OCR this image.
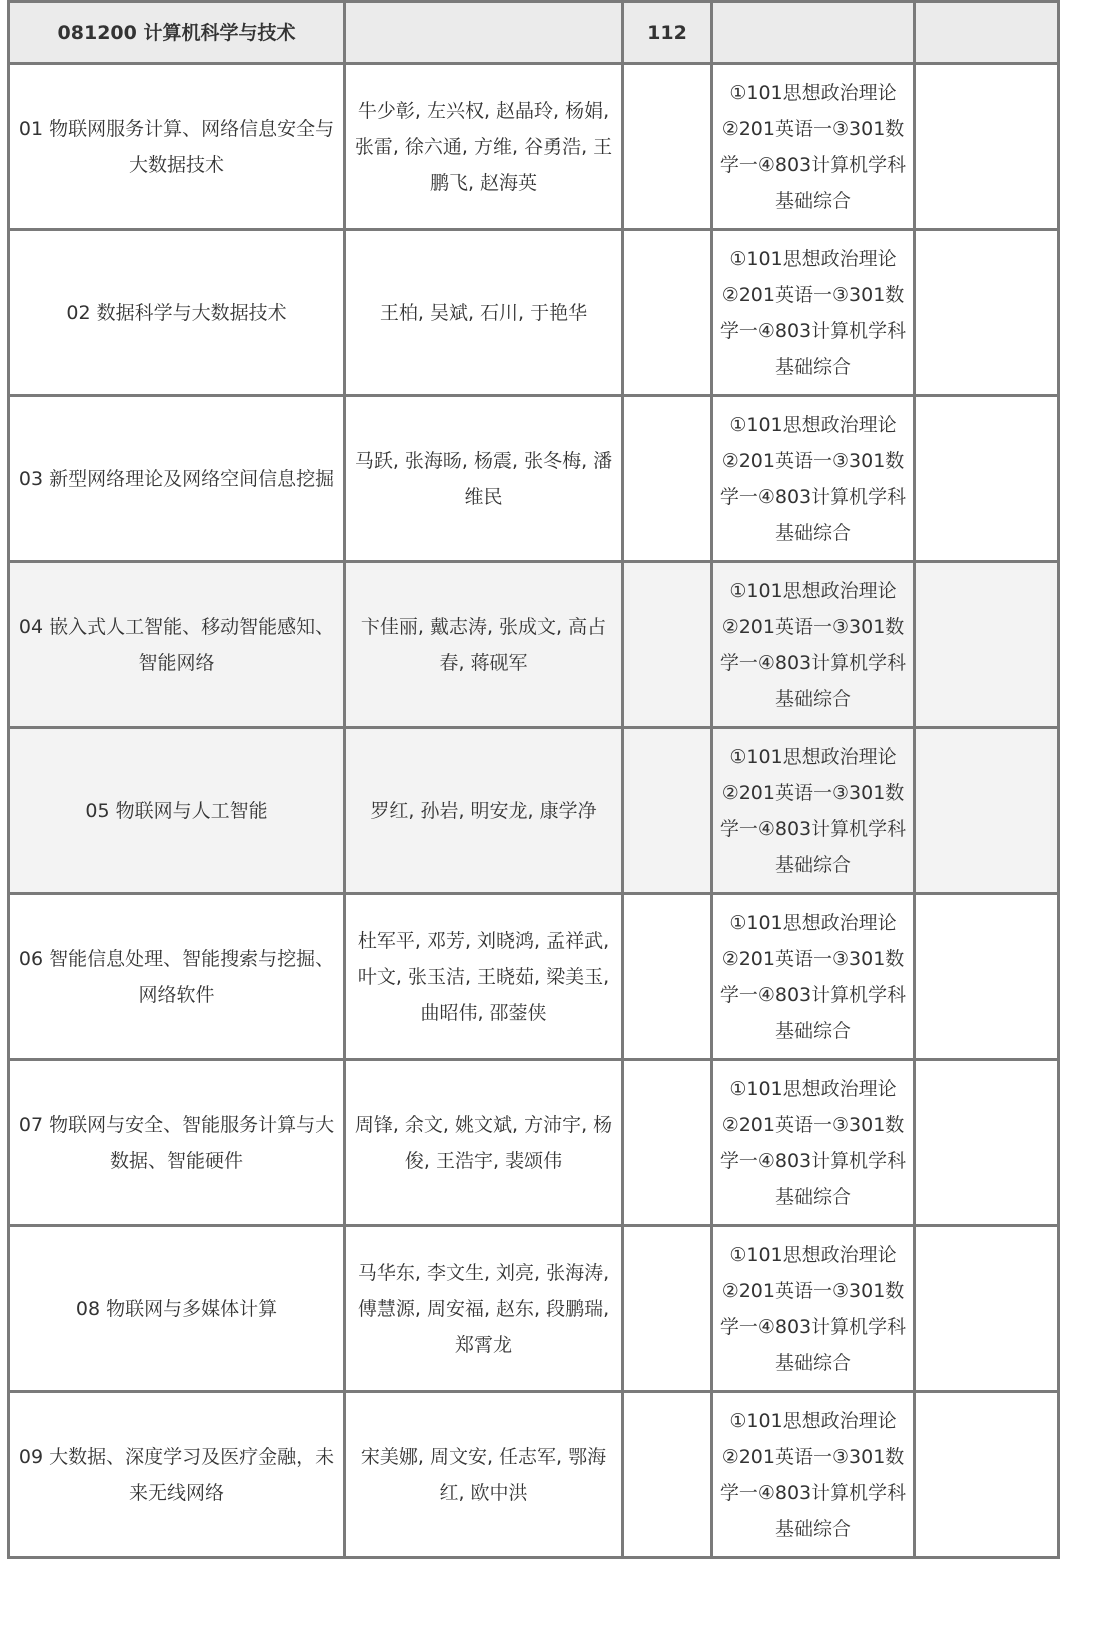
081200 计算机科学与技术		112		
01 物联网服务计算、网络信息安全与大数据技术	牛少彰, 左兴权, 赵晶玲, 杨娟, 张雷, 徐六通, 方维, 谷勇浩, 王鹏飞, 赵海英		①101思想政治理论②201英语一③301数学一④803计算机学科基础综合	
02 数据科学与大数据技术	王柏, 吴斌, 石川, 于艳华		①101思想政治理论②201英语一③301数学一④803计算机学科基础综合	
03 新型网络理论及网络空间信息挖掘	马跃, 张海旸, 杨震, 张冬梅, 潘维民		①101思想政治理论②201英语一③301数学一④803计算机学科基础综合	
04 嵌入式人工智能、移动智能感知、智能网络	卞佳丽, 戴志涛, 张成文, 高占春, 蒋砚军		①101思想政治理论②201英语一③301数学一④803计算机学科基础综合	
05 物联网与人工智能	罗红, 孙岩, 明安龙, 康学净		①101思想政治理论②201英语一③301数学一④803计算机学科基础综合	
06 智能信息处理、智能搜索与挖掘、网络软件	杜军平, 邓芳, 刘晓鸿, 孟祥武, 叶文, 张玉洁, 王晓茹, 梁美玉, 曲昭伟, 邵蓥侠		①101思想政治理论②201英语一③301数学一④803计算机学科基础综合	
07 物联网与安全、智能服务计算与大数据、智能硬件	周锋, 余文, 姚文斌, 方沛宇, 杨俊, 王浩宇, 裴颂伟		①101思想政治理论②201英语一③301数学一④803计算机学科基础综合	
08 物联网与多媒体计算	马华东, 李文生, 刘亮, 张海涛, 傅慧源, 周安福, 赵东, 段鹏瑞, 郑霄龙		①101思想政治理论②201英语一③301数学一④803计算机学科基础综合	
09 大数据、深度学习及医疗金融，未来无线网络	宋美娜, 周文安, 任志军, 鄂海红, 欧中洪		①101思想政治理论②201英语一③301数学一④803计算机学科基础综合	
